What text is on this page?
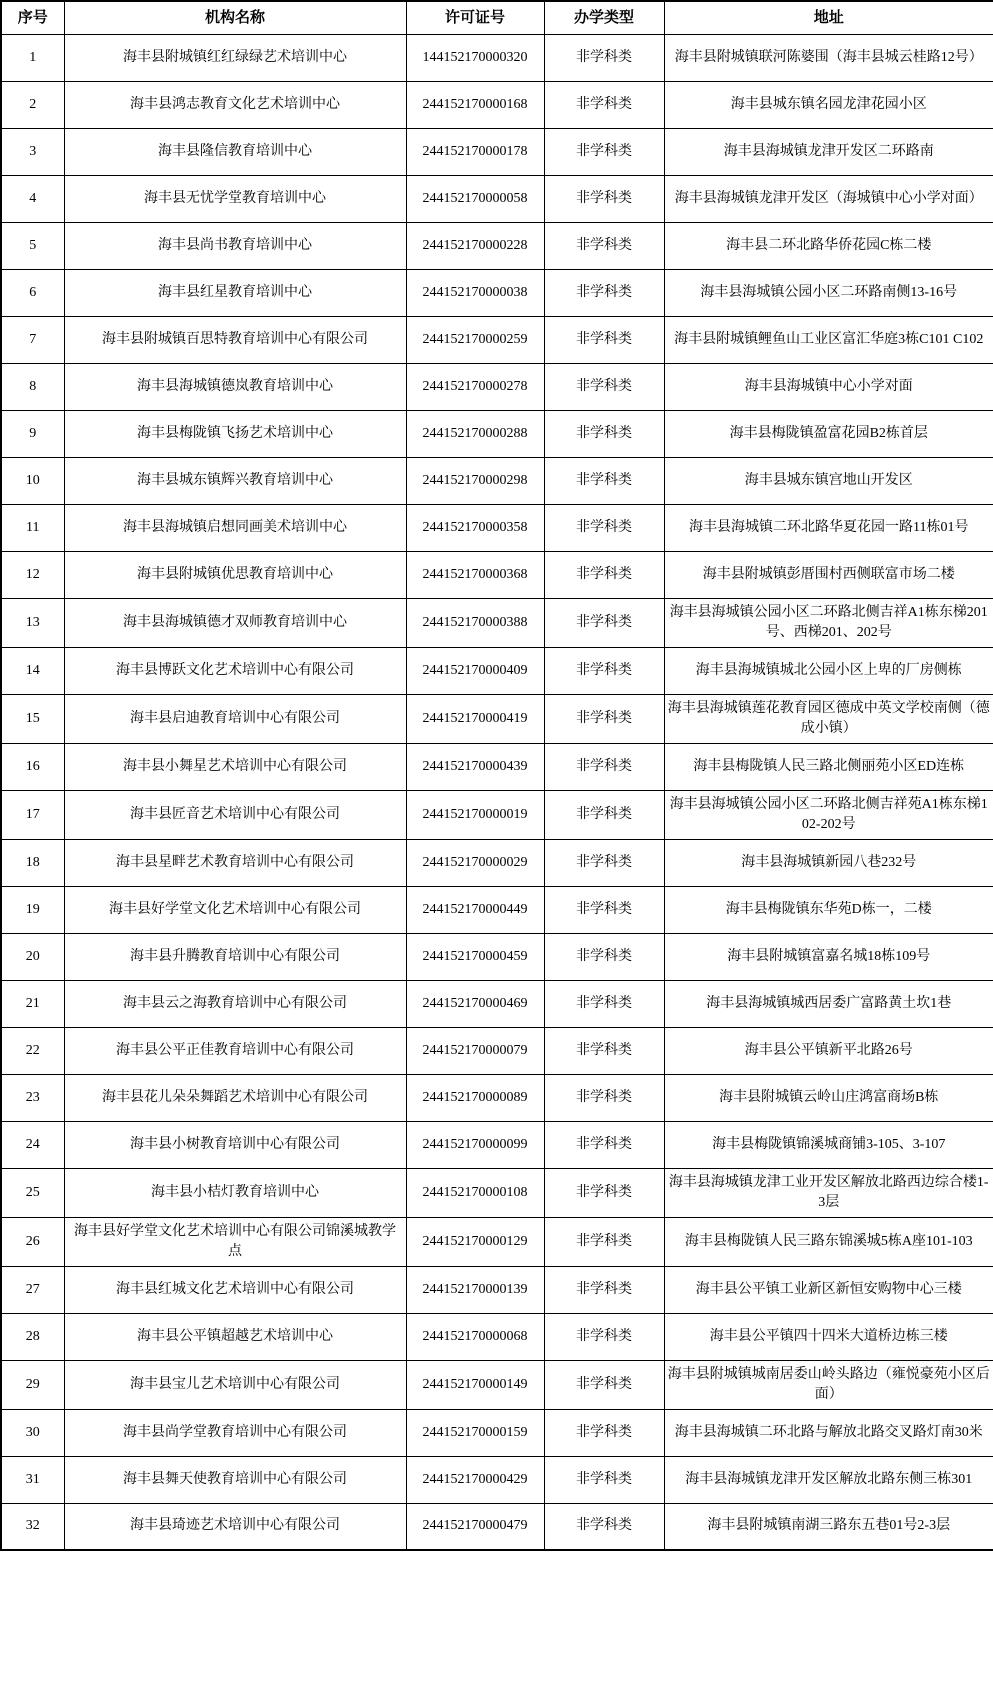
序号	机构名称	许可证号	办学类型	地址
1	海丰县附城镇红红绿绿艺术培训中心	144152170000320	非学科类	海丰县附城镇联河陈婆围（海丰县城云桂路12号）
2	海丰县鸿志教育文化艺术培训中心	244152170000168	非学科类	海丰县城东镇名园龙津花园小区
3	海丰县隆信教育培训中心	244152170000178	非学科类	海丰县海城镇龙津开发区二环路南
4	海丰县无忧学堂教育培训中心	244152170000058	非学科类	海丰县海城镇龙津开发区（海城镇中心小学对面）
5	海丰县尚书教育培训中心	244152170000228	非学科类	海丰县二环北路华侨花园C栋二楼
6	海丰县红星教育培训中心	244152170000038	非学科类	海丰县海城镇公园小区二环路南侧13-16号
7	海丰县附城镇百思特教育培训中心有限公司	244152170000259	非学科类	海丰县附城镇鲤鱼山工业区富汇华庭3栋C101 C102
8	海丰县海城镇德岚教育培训中心	244152170000278	非学科类	海丰县海城镇中心小学对面
9	海丰县梅陇镇飞扬艺术培训中心	244152170000288	非学科类	海丰县梅陇镇盈富花园B2栋首层
10	海丰县城东镇辉兴教育培训中心	244152170000298	非学科类	海丰县城东镇宫地山开发区
11	海丰县海城镇启想同画美术培训中心	244152170000358	非学科类	海丰县海城镇二环北路华夏花园一路11栋01号
12	海丰县附城镇优思教育培训中心	244152170000368	非学科类	海丰县附城镇彭厝围村西侧联富市场二楼
13	海丰县海城镇德才双师教育培训中心	244152170000388	非学科类	海丰县海城镇公园小区二环路北侧吉祥A1栋东梯201号、西梯201、202号
14	海丰县博跃文化艺术培训中心有限公司	244152170000409	非学科类	海丰县海城镇城北公园小区上卑的厂房侧栋
15	海丰县启迪教育培训中心有限公司	244152170000419	非学科类	海丰县海城镇莲花教育园区德成中英文学校南侧（德成小镇）
16	海丰县小舞星艺术培训中心有限公司	244152170000439	非学科类	海丰县梅陇镇人民三路北侧丽苑小区ED连栋
17	海丰县匠音艺术培训中心有限公司	244152170000019	非学科类	海丰县海城镇公园小区二环路北侧吉祥苑A1栋东梯102-202号
18	海丰县星畔艺术教育培训中心有限公司	244152170000029	非学科类	海丰县海城镇新园八巷232号
19	海丰县好学堂文化艺术培训中心有限公司	244152170000449	非学科类	海丰县梅陇镇东华苑D栋一，二楼
20	海丰县升腾教育培训中心有限公司	244152170000459	非学科类	海丰县附城镇富嘉名城18栋109号
21	海丰县云之海教育培训中心有限公司	244152170000469	非学科类	海丰县海城镇城西居委广富路黄土坎1巷
22	海丰县公平正佳教育培训中心有限公司	244152170000079	非学科类	海丰县公平镇新平北路26号
23	海丰县花儿朵朵舞蹈艺术培训中心有限公司	244152170000089	非学科类	海丰县附城镇云岭山庄鸿富商场B栋
24	海丰县小树教育培训中心有限公司	244152170000099	非学科类	海丰县梅陇镇锦溪城商铺3-105、3-107
25	海丰县小桔灯教育培训中心	244152170000108	非学科类	海丰县海城镇龙津工业开发区解放北路西边综合楼1-3层
26	海丰县好学堂文化艺术培训中心有限公司锦溪城教学点	244152170000129	非学科类	海丰县梅陇镇人民三路东锦溪城5栋A座101-103
27	海丰县红城文化艺术培训中心有限公司	244152170000139	非学科类	海丰县公平镇工业新区新恒安购物中心三楼
28	海丰县公平镇超越艺术培训中心	244152170000068	非学科类	海丰县公平镇四十四米大道桥边栋三楼
29	海丰县宝儿艺术培训中心有限公司	244152170000149	非学科类	海丰县附城镇城南居委山岭头路边（雍悦豪苑小区后面）
30	海丰县尚学堂教育培训中心有限公司	244152170000159	非学科类	海丰县海城镇二环北路与解放北路交叉路灯南30米
31	海丰县舞天使教育培训中心有限公司	244152170000429	非学科类	海丰县海城镇龙津开发区解放北路东侧三栋301
32	海丰县琦迹艺术培训中心有限公司	244152170000479	非学科类	海丰县附城镇南湖三路东五巷01号2-3层
